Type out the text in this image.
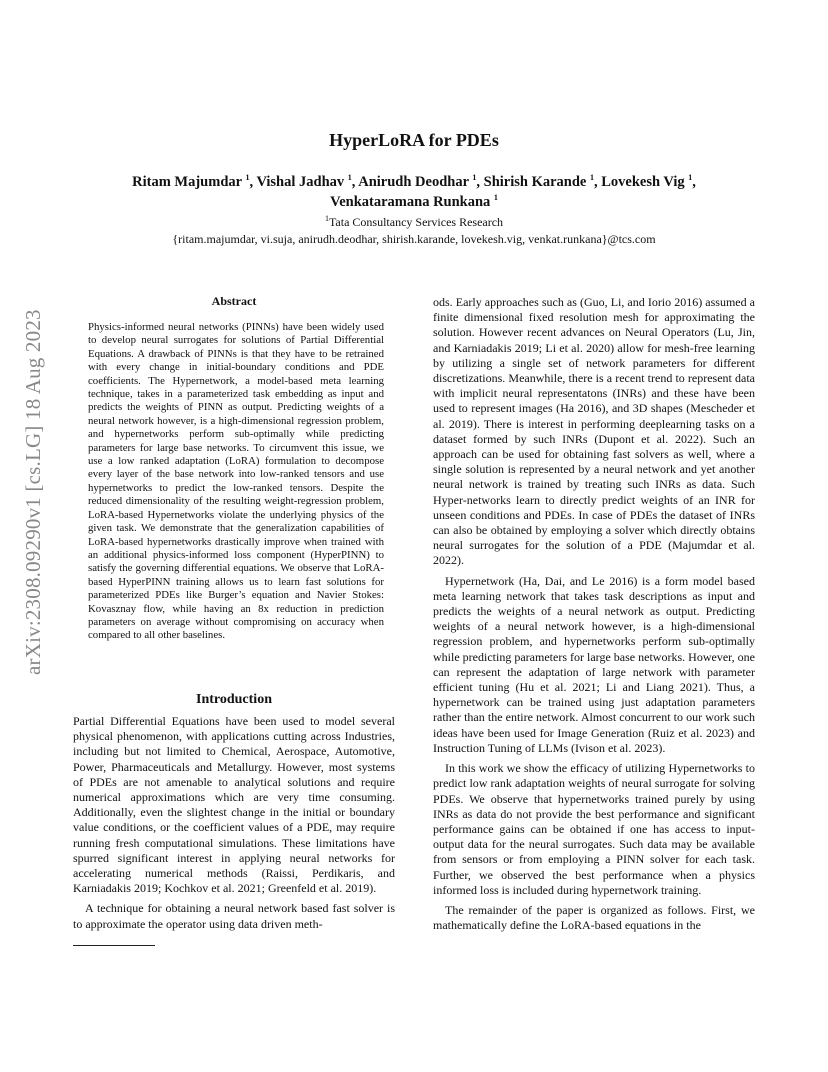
arXiv:2308.09290v1 [cs.LG] 18 Aug 2023
HyperLoRA for PDEs
Ritam Majumdar $^1$, Vishal Jadhav $^1$, Anirudh Deodhar $^1$, Shirish Karande $^1$, Lovekesh Vig $^1$,
Venkataramana Runkana $^1$
$^1$Tata Consultancy Services Research
{ritam.majumdar, vi.suja, anirudh.deodhar, shirish.karande, lovekesh.vig, venkat.runkana}@tcs.com
Abstract

Physics-informed neural networks (PINNs) have been widely used to develop neural surrogates for solutions of Partial Differential Equations. A drawback of PINNs is that they have to be retrained with every change in initial-boundary conditions and PDE coefficients. The Hypernetwork, a model-based meta learning technique, takes in a parameterized task embedding as input and predicts the weights of PINN as output. Predicting weights of a neural network however, is a high-dimensional regression problem, and hypernetworks perform sub-optimally while predicting parameters for large base networks. To circumvent this issue, we use a low ranked adaptation (LoRA) formulation to decompose every layer of the base network into low-ranked tensors and use hypernetworks to predict the low-ranked tensors. Despite the reduced dimensionality of the resulting weight-regression problem, LoRA-based Hypernetworks violate the underlying physics of the given task. We demonstrate that the generalization capabilities of LoRA-based hypernetworks drastically improve when trained with an additional physics-informed loss component (HyperPINN) to satisfy the governing differential equations. We observe that LoRA-based HyperPINN training allows us to learn fast solutions for parameterized PDEs like Burger’s equation and Navier Stokes: Kovasznay flow, while having an 8x reduction in prediction parameters on average without compromising on accuracy when compared to all other baselines.

Introduction

Partial Differential Equations have been used to model several physical phenomenon, with applications cutting across Industries, including but not limited to Chemical, Aerospace, Automotive, Power, Pharmaceuticals and Metallurgy. However, most systems of PDEs are not amenable to analytical solutions and require numerical approximations which are very time consuming. Additionally, even the slightest change in the initial or boundary value conditions, or the coefficient values of a PDE, may require running fresh computational simulations. These limitations have spurred significant interest in applying neural networks for accelerating numerical methods (Raissi, Perdikaris, and Karniadakis 2019; Kochkov et al. 2021; Greenfeld et al. 2019).

A technique for obtaining a neural network based fast solver is to approximate the operator using data driven meth-

ods. Early approaches such as (Guo, Li, and Iorio 2016) assumed a finite dimensional fixed resolution mesh for approximating the solution. However recent advances on Neural Operators (Lu, Jin, and Karniadakis 2019; Li et al. 2020) allow for mesh-free learning by utilizing a single set of network parameters for different discretizations. Meanwhile, there is a recent trend to represent data with implicit neural representatons (INRs) and these have been used to represent images (Ha 2016), and 3D shapes (Mescheder et al. 2019). There is interest in performing deeplearning tasks on a dataset formed by such INRs (Dupont et al. 2022). Such an approach can be used for obtaining fast solvers as well, where a single solution is represented by a neural network and yet another neural network is trained by treating such INRs as data. Such Hyper-networks learn to directly predict weights of an INR for unseen conditions and PDEs. In case of PDEs the dataset of INRs can also be obtained by employing a solver which directly obtains neural surrogates for the solution of a PDE (Majumdar et al. 2022).

Hypernetwork (Ha, Dai, and Le 2016) is a form model based meta learning network that takes task descriptions as input and predicts the weights of a neural network as output. Predicting weights of a neural network however, is a high-dimensional regression problem, and hypernetworks perform sub-optimally while predicting parameters for large base networks. However, one can represent the adaptation of large network with parameter efficient tuning (Hu et al. 2021; Li and Liang 2021). Thus, a hypernetwork can be trained using just adaptation parameters rather than the entire network. Almost concurrent to our work such ideas have been used for Image Generation (Ruiz et al. 2023) and Instruction Tuning of LLMs (Ivison et al. 2023).

In this work we show the efficacy of utilizing Hypernetworks to predict low rank adaptation weights of neural surrogate for solving PDEs. We observe that hypernetworks trained purely by using INRs as data do not provide the best performance and significant performance gains can be obtained if one has access to input-output data for the neural surrogates. Such data may be available from sensors or from employing a PINN solver for each task. Further, we observed the best performance when a physics informed loss is included during hypernetwork training.

The remainder of the paper is organized as follows. First, we mathematically define the LoRA-based equations in the
